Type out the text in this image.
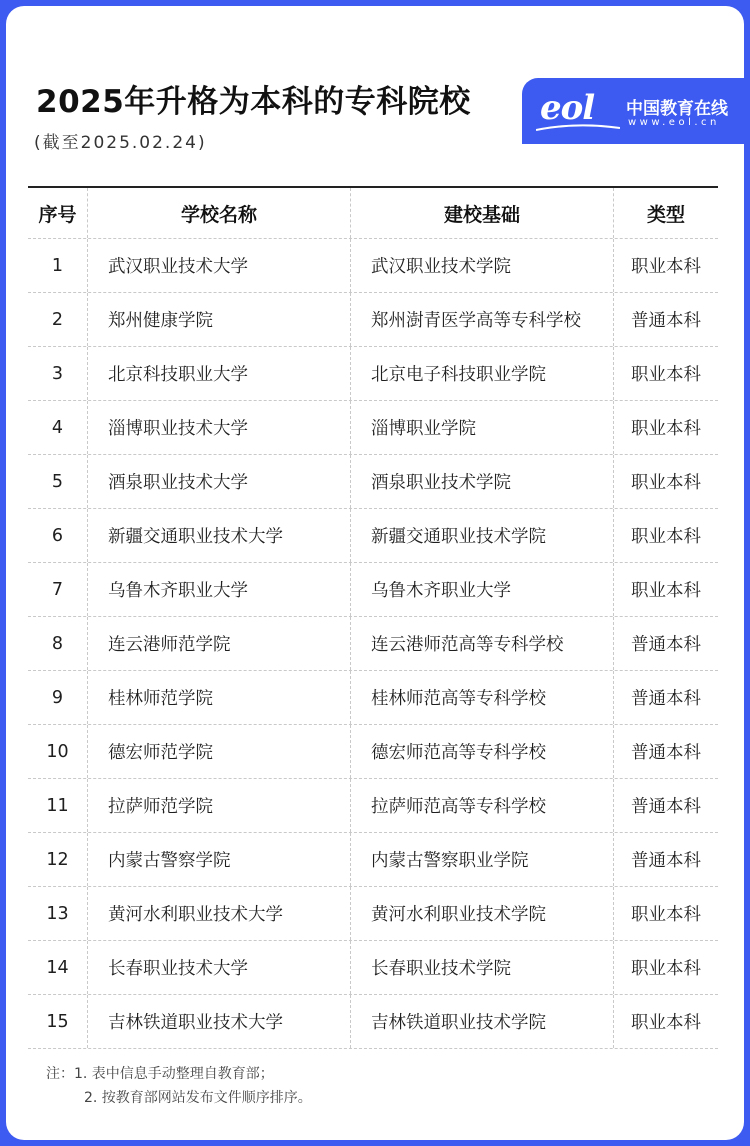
2025年升格为本科的专科院校
(截至2025.02.24)
eol 中国教育在线
www.eol.cn
序号	学校名称	建校基础	类型
1	武汉职业技术大学	武汉职业技术学院	职业本科
2	郑州健康学院	郑州澍青医学高等专科学校	普通本科
3	北京科技职业大学	北京电子科技职业学院	职业本科
4	淄博职业技术大学	淄博职业学院	职业本科
5	酒泉职业技术大学	酒泉职业技术学院	职业本科
6	新疆交通职业技术大学	新疆交通职业技术学院	职业本科
7	乌鲁木齐职业大学	乌鲁木齐职业大学	职业本科
8	连云港师范学院	连云港师范高等专科学校	普通本科
9	桂林师范学院	桂林师范高等专科学校	普通本科
10	德宏师范学院	德宏师范高等专科学校	普通本科
11	拉萨师范学院	拉萨师范高等专科学校	普通本科
12	内蒙古警察学院	内蒙古警察职业学院	普通本科
13	黄河水利职业技术大学	黄河水利职业技术学院	职业本科
14	长春职业技术大学	长春职业技术学院	职业本科
15	吉林铁道职业技术大学	吉林铁道职业技术学院	职业本科
注：1. 表中信息手动整理自教育部；
2. 按教育部网站发布文件顺序排序。
